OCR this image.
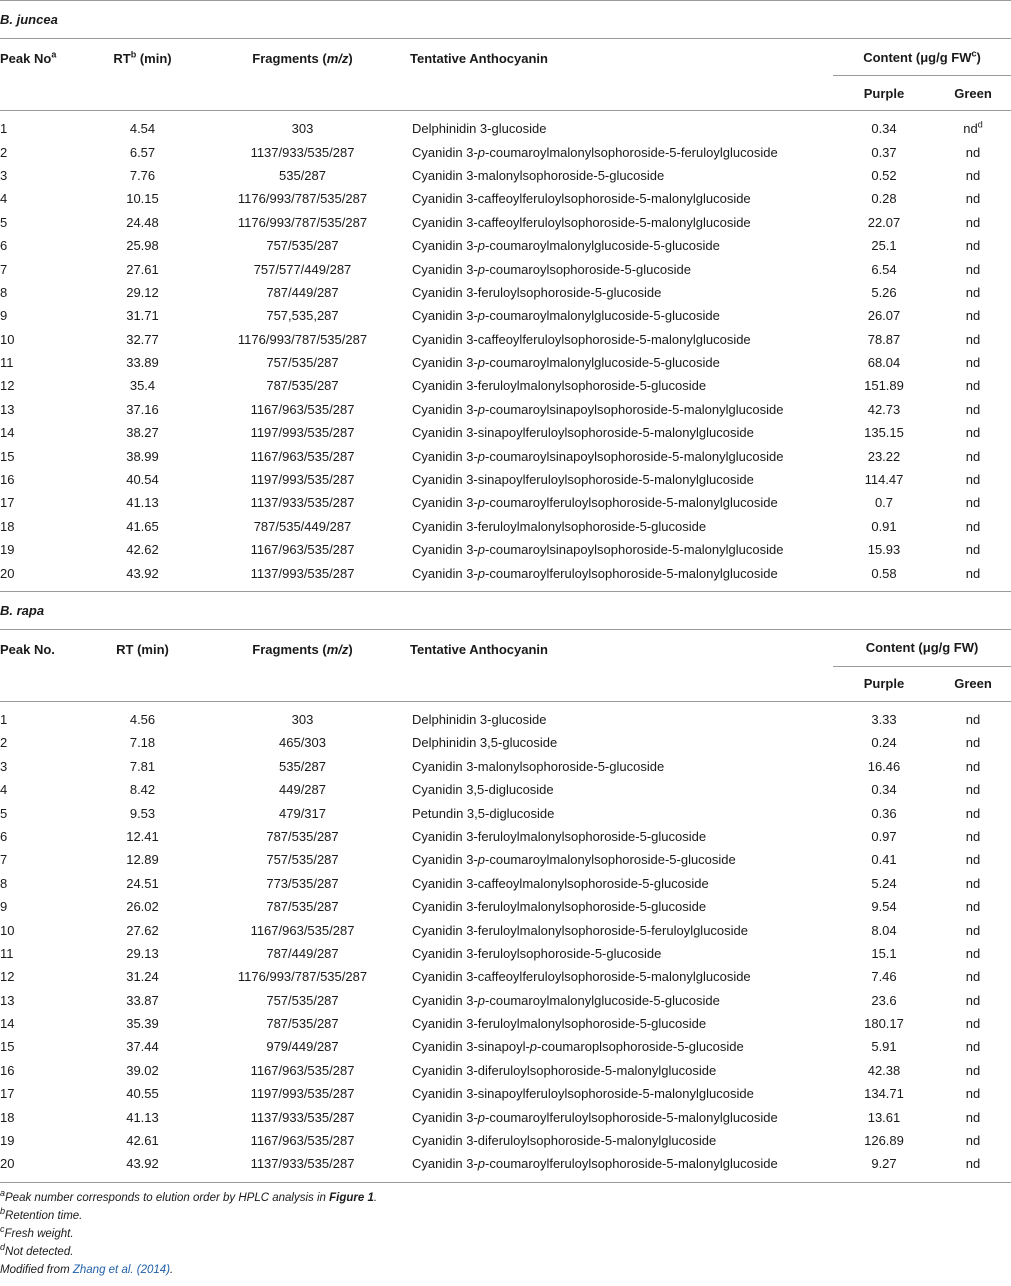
B. juncea					
Peak No$^a$	$RT^b$ (min)	Fragments (m/z)	Tentative Anthocyanin	Content (μg/g $FW^c$)	
				Purple	Green
1	4.54	303	Delphinidin 3-glucoside	0.34	$nd^d$
2	6.57	1137/933/535/287	Cyanidin 3-p-coumaroylmalonylsophoroside-5-feruloylglucoside	0.37	nd
3	7.76	535/287	Cyanidin 3-malonylsophoroside-5-glucoside	0.52	nd
4	10.15	1176/993/787/535/287	Cyanidin 3-caffeoylferuloylsophoroside-5-malonylglucoside	0.28	nd
5	24.48	1176/993/787/535/287	Cyanidin 3-caffeoylferuloylsophoroside-5-malonylglucoside	22.07	nd
6	25.98	757/535/287	Cyanidin 3-p-coumaroylmalonylglucoside-5-glucoside	25.1	nd
7	27.61	757/577/449/287	Cyanidin 3-p-coumaroylsophoroside-5-glucoside	6.54	nd
8	29.12	787/449/287	Cyanidin 3-feruloylsophoroside-5-glucoside	5.26	nd
9	31.71	757,535,287	Cyanidin 3-p-coumaroylmalonylglucoside-5-glucoside	26.07	nd
10	32.77	1176/993/787/535/287	Cyanidin 3-caffeoylferuloylsophoroside-5-malonylglucoside	78.87	nd
11	33.89	757/535/287	Cyanidin 3-p-coumaroylmalonylglucoside-5-glucoside	68.04	nd
12	35.4	787/535/287	Cyanidin 3-feruloylmalonylsophoroside-5-glucoside	151.89	nd
13	37.16	1167/963/535/287	Cyanidin 3-p-coumaroylsinapoylsophoroside-5-malonylglucoside	42.73	nd
14	38.27	1197/993/535/287	Cyanidin 3-sinapoylferuloylsophoroside-5-malonylglucoside	135.15	nd
15	38.99	1167/963/535/287	Cyanidin 3-p-coumaroylsinapoylsophoroside-5-malonylglucoside	23.22	nd
16	40.54	1197/993/535/287	Cyanidin 3-sinapoylferuloylsophoroside-5-malonylglucoside	114.47	nd
17	41.13	1137/933/535/287	Cyanidin 3-p-coumaroylferuloylsophoroside-5-malonylglucoside	0.7	nd
18	41.65	787/535/449/287	Cyanidin 3-feruloylmalonylsophoroside-5-glucoside	0.91	nd
19	42.62	1167/963/535/287	Cyanidin 3-p-coumaroylsinapoylsophoroside-5-malonylglucoside	15.93	nd
20	43.92	1137/993/535/287	Cyanidin 3-p-coumaroylferuloylsophoroside-5-malonylglucoside	0.58	nd
B. rapa					
Peak No.	RT (min)	Fragments (m/z)	Tentative Anthocyanin	Content (μg/g FW)	
				Purple	Green
1	4.56	303	Delphinidin 3-glucoside	3.33	nd
2	7.18	465/303	Delphinidin 3,5-glucoside	0.24	nd
3	7.81	535/287	Cyanidin 3-malonylsophoroside-5-glucoside	16.46	nd
4	8.42	449/287	Cyanidin 3,5-diglucoside	0.34	nd
5	9.53	479/317	Petundin 3,5-diglucoside	0.36	nd
6	12.41	787/535/287	Cyanidin 3-feruloylmalonylsophoroside-5-glucoside	0.97	nd
7	12.89	757/535/287	Cyanidin 3-p-coumaroylmalonylsophoroside-5-glucoside	0.41	nd
8	24.51	773/535/287	Cyanidin 3-caffeoylmalonylsophoroside-5-glucoside	5.24	nd
9	26.02	787/535/287	Cyanidin 3-feruloylmalonylsophoroside-5-glucoside	9.54	nd
10	27.62	1167/963/535/287	Cyanidin 3-feruloylmalonylsophoroside-5-feruloylglucoside	8.04	nd
11	29.13	787/449/287	Cyanidin 3-feruloylsophoroside-5-glucoside	15.1	nd
12	31.24	1176/993/787/535/287	Cyanidin 3-caffeoylferuloylsophoroside-5-malonylglucoside	7.46	nd
13	33.87	757/535/287	Cyanidin 3-p-coumaroylmalonylglucoside-5-glucoside	23.6	nd
14	35.39	787/535/287	Cyanidin 3-feruloylmalonylsophoroside-5-glucoside	180.17	nd
15	37.44	979/449/287	Cyanidin 3-sinapoyl-p-coumaroplsophoroside-5-glucoside	5.91	nd
16	39.02	1167/963/535/287	Cyanidin 3-diferuloylsophoroside-5-malonylglucoside	42.38	nd
17	40.55	1197/993/535/287	Cyanidin 3-sinapoylferuloylsophoroside-5-malonylglucoside	134.71	nd
18	41.13	1137/933/535/287	Cyanidin 3-p-coumaroylferuloylsophoroside-5-malonylglucoside	13.61	nd
19	42.61	1167/963/535/287	Cyanidin 3-diferuloylsophoroside-5-malonylglucoside	126.89	nd
20	43.92	1137/933/535/287	Cyanidin 3-p-coumaroylferuloylsophoroside-5-malonylglucoside	9.27	nd
$^a$Peak number corresponds to elution order by HPLC analysis in Figure 1.
$^b$Retention time.
$^c$Fresh weight.
$^d$Not detected.
Modified from Zhang et al. (2014).
